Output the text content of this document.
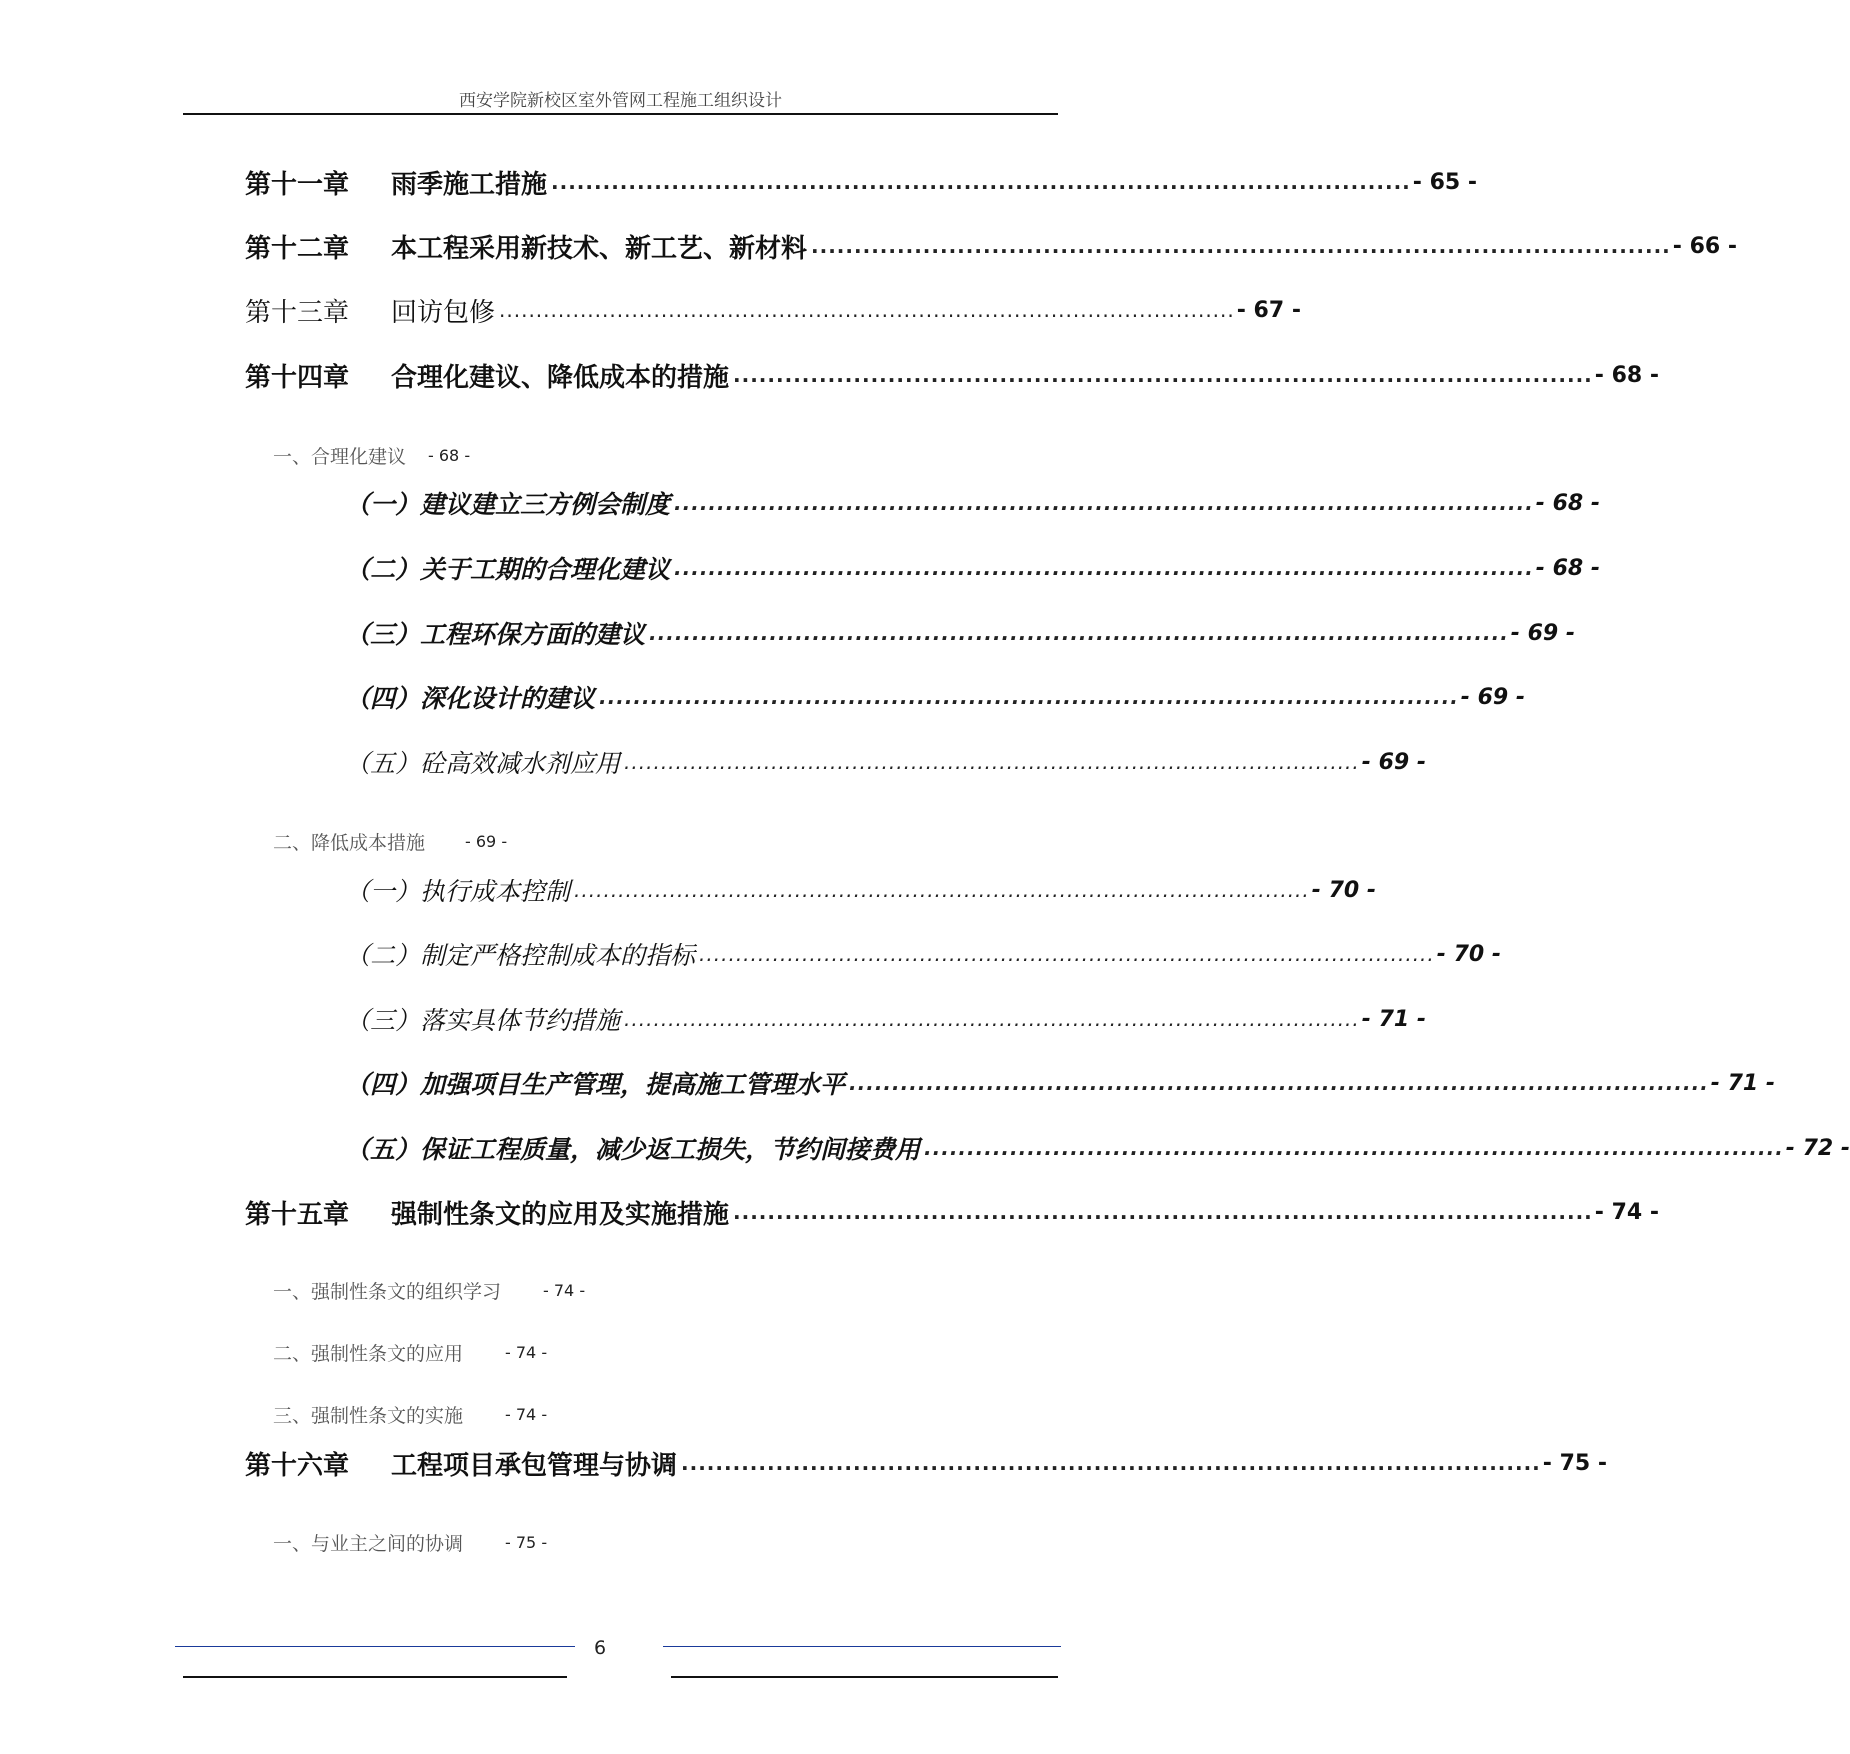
西安学院新校区室外管网工程施工组织设计
第十一章	雨季施工措施 .................................................................................................... - 65 -
第十二章	本工程采用新技术、新工艺、新材料 .................................................................................................... - 66 -
第十三章	回访包修 .................................................................................................... - 67 -
第十四章	合理化建议、降低成本的措施 .................................................................................................... - 68 -
一、合理化建议 - 68 -
（一） 建议建立三方例会制度 .................................................................................................... - 68 -
（二） 关于工期的合理化建议 .................................................................................................... - 68 -
（三） 工程环保方面的建议 .................................................................................................... - 69 -
（四） 深化设计的建议 .................................................................................................... - 69 -
（五） 砼高效减水剂应用 .................................................................................................... - 69 -
二、降低成本措施	- 69 -
（一） 执行成本控制 .................................................................................................... - 70 -
（二） 制定严格控制成本的指标 .................................................................................................... - 70 -
（三） 落实具体节约措施 .................................................................................................... - 71 -
（四） 加强项目生产管理，提高施工管理水平 .................................................................................................... - 71 -
（五） 保证工程质量，减少返工损失，节约间接费用 .................................................................................................... - 72 -
第十五章	强制性条文的应用及实施措施 .................................................................................................... - 74 -
一、强制性条文的组织学习	- 74 -
二、强制性条文的应用	- 74 -
三、强制性条文的实施	- 74 -
第十六章	工程项目承包管理与协调 .................................................................................................... - 75 -
一、与业主之间的协调	- 75 -
6
